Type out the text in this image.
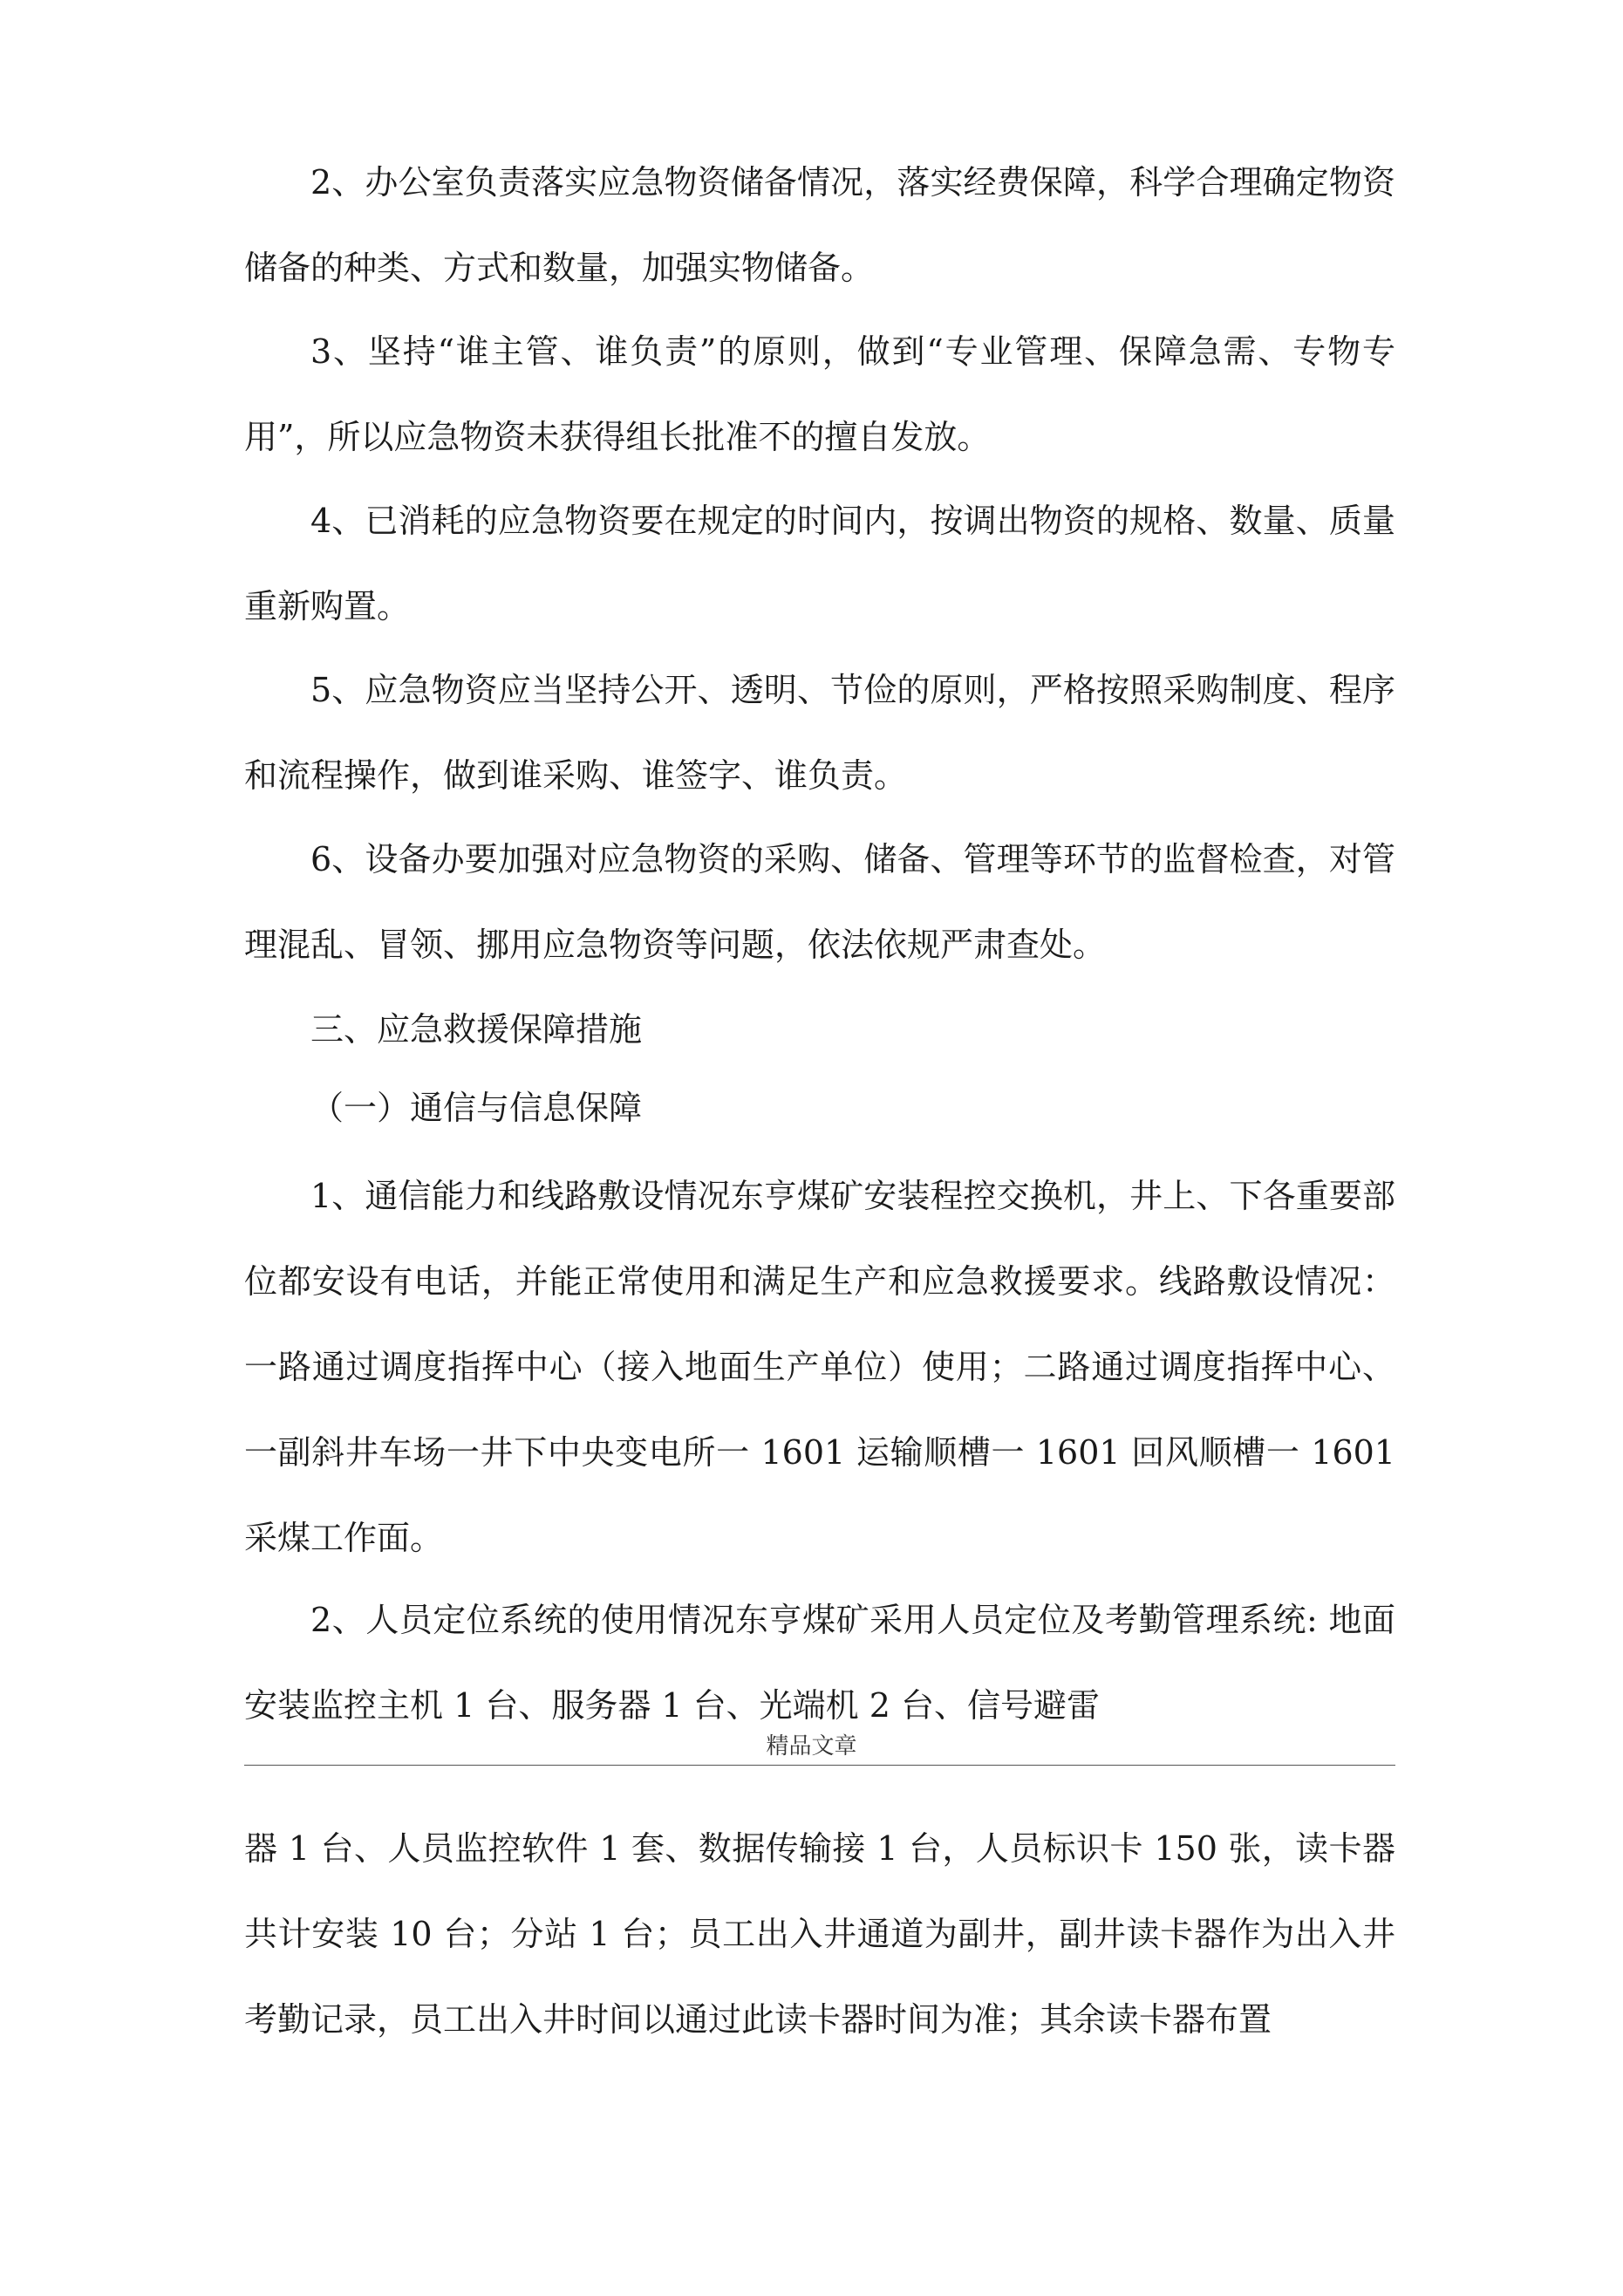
2、办公室负责落实应急物资储备情况，落实经费保障，科学合理确定物资储备的种类、方式和数量，加强实物储备。

3、坚持“谁主管、谁负责”的原则，做到“专业管理、保障急需、专物专用”，所以应急物资未获得组长批准不的擅自发放。

4、已消耗的应急物资要在规定的时间内，按调出物资的规格、数量、质量重新购置。

5、应急物资应当坚持公开、透明、节俭的原则，严格按照采购制度、程序和流程操作，做到谁采购、谁签字、谁负责。

6、设备办要加强对应急物资的采购、储备、管理等环节的监督检查，对管理混乱、冒领、挪用应急物资等问题，依法依规严肃查处。

三、应急救援保障措施

（一）通信与信息保障

1、通信能力和线路敷设情况东亨煤矿安装程控交换机，井上、下各重要部位都安设有电话，并能正常使用和满足生产和应急救援要求。线路敷设情况：一路通过调度指挥中心（接入地面生产单位）使用；二路通过调度指挥中心、一副斜井车场一井下中央变电所一 1601 运输顺槽一 1601 回风顺槽一 1601 采煤工作面。

2、人员定位系统的使用情况东亨煤矿采用人员定位及考勤管理系统: 地面安装监控主机 1 台、服务器 1 台、光端机 2 台、信号避雷

精品文章

器 1 台、人员监控软件 1 套、数据传输接 1 台，人员标识卡 150 张，读卡器共计安装 10 台；分站 1 台；员工出入井通道为副井，副井读卡器作为出入井考勤记录，员工出入井时间以通过此读卡器时间为准；其余读卡器布置
